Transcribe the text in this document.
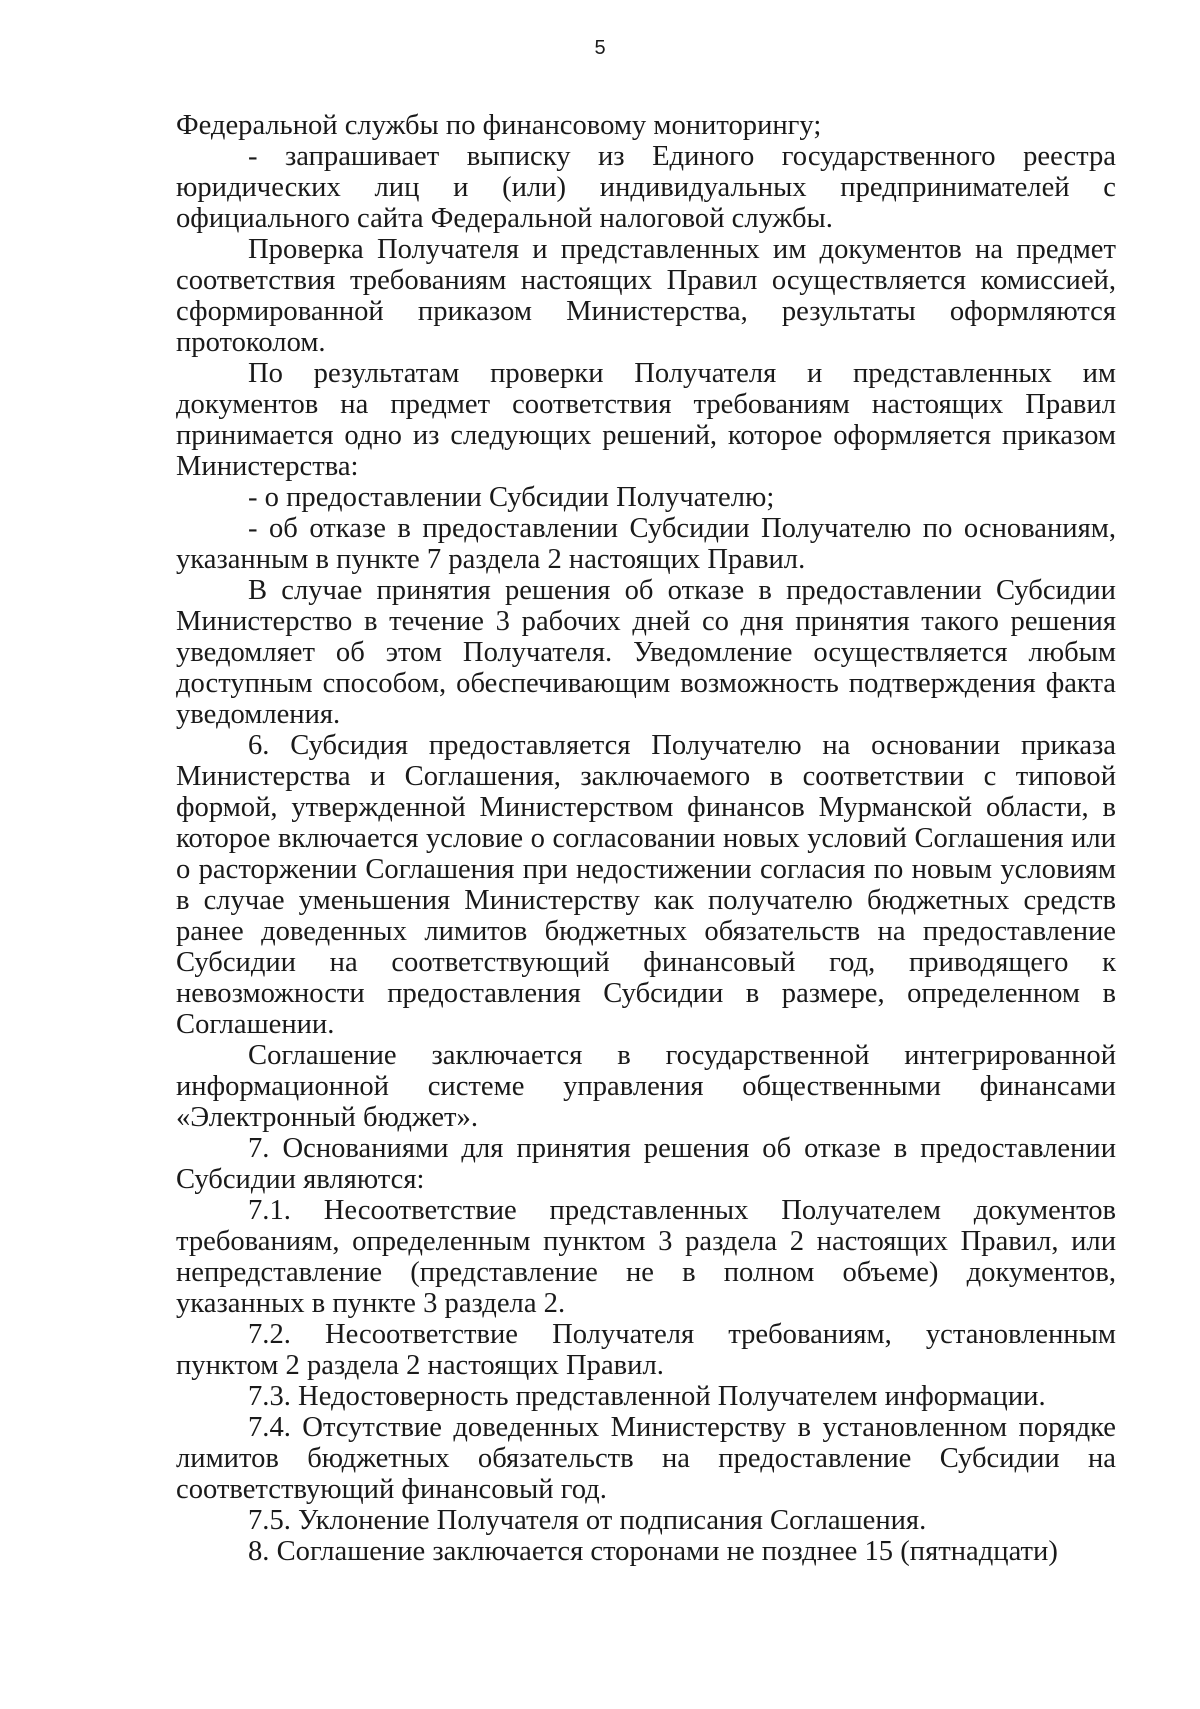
5

Федеральной службы по финансовому мониторингу;

- запрашивает выписку из Единого государственного реестра юридических лиц и (или) индивидуальных предпринимателей с официального сайта Федеральной налоговой службы.

Проверка Получателя и представленных им документов на предмет соответствия требованиям настоящих Правил осуществляется комиссией, сформированной приказом Министерства, результаты оформляются протоколом.

По результатам проверки Получателя и представленных им документов на предмет соответствия требованиям настоящих Правил принимается одно из следующих решений, которое оформляется приказом Министерства:

- о предоставлении Субсидии Получателю;

- об отказе в предоставлении Субсидии Получателю по основаниям, указанным в пункте 7 раздела 2 настоящих Правил.

В случае принятия решения об отказе в предоставлении Субсидии Министерство в течение 3 рабочих дней со дня принятия такого решения уведомляет об этом Получателя. Уведомление осуществляется любым доступным способом, обеспечивающим возможность подтверждения факта уведомления.

6. Субсидия предоставляется Получателю на основании приказа Министерства и Соглашения, заключаемого в соответствии с типовой формой, утвержденной Министерством финансов Мурманской области, в которое включается условие о согласовании новых условий Соглашения или о расторжении Соглашения при недостижении согласия по новым условиям в случае уменьшения Министерству как получателю бюджетных средств ранее доведенных лимитов бюджетных обязательств на предоставление Субсидии на соответствующий финансовый год, приводящего к невозможности предоставления Субсидии в размере, определенном в Соглашении.

Соглашение заключается в государственной интегрированной информационной системе управления общественными финансами «Электронный бюджет».

7. Основаниями для принятия решения об отказе в предоставлении Субсидии являются:

7.1. Несоответствие представленных Получателем документов требованиям, определенным пунктом 3 раздела 2 настоящих Правил, или непредставление (представление не в полном объеме) документов, указанных в пункте 3 раздела 2.

7.2. Несоответствие Получателя требованиям, установленным пунктом 2 раздела 2 настоящих Правил.

7.3. Недостоверность представленной Получателем информации.

7.4. Отсутствие доведенных Министерству в установленном порядке лимитов бюджетных обязательств на предоставление Субсидии на соответствующий финансовый год.

7.5. Уклонение Получателя от подписания Соглашения.

8. Соглашение заключается сторонами не позднее 15 (пятнадцати)
